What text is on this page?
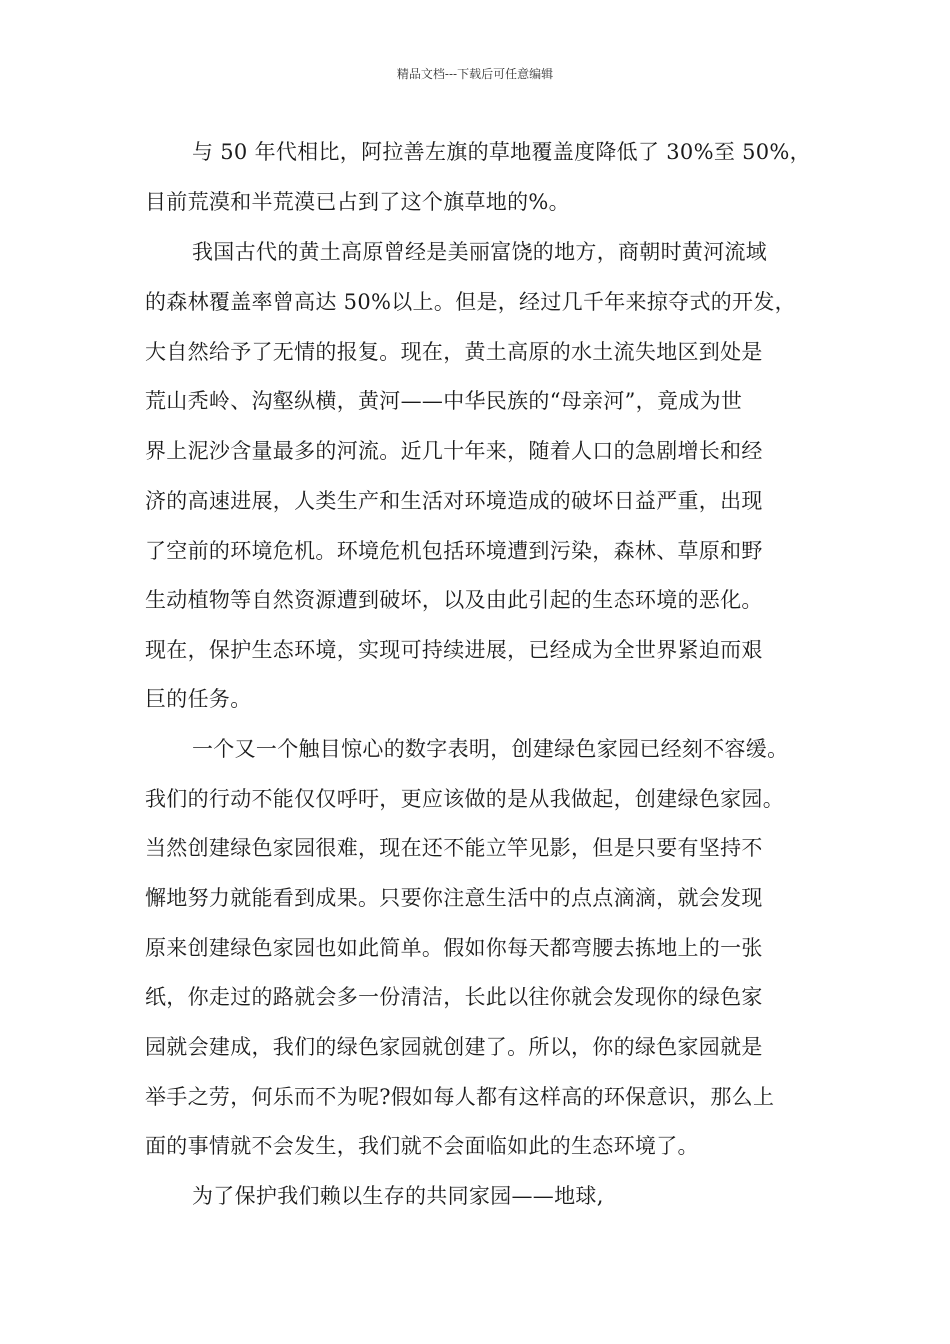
精品文档---下载后可任意编辑
与 50 年代相比，阿拉善左旗的草地覆盖度降低了 30%至 50%，
目前荒漠和半荒漠已占到了这个旗草地的%。
我国古代的黄土高原曾经是美丽富饶的地方，商朝时黄河流域
的森林覆盖率曾高达 50%以上。但是，经过几千年来掠夺式的开发，
大自然给予了无情的报复。现在，黄土高原的水土流失地区到处是
荒山秃岭、沟壑纵横，黄河——中华民族的“母亲河”，竟成为世
界上泥沙含量最多的河流。近几十年来，随着人口的急剧增长和经
济的高速进展，人类生产和生活对环境造成的破坏日益严重，出现
了空前的环境危机。环境危机包括环境遭到污染，森林、草原和野
生动植物等自然资源遭到破坏，以及由此引起的生态环境的恶化。
现在，保护生态环境，实现可持续进展，已经成为全世界紧迫而艰
巨的任务。
一个又一个触目惊心的数字表明，创建绿色家园已经刻不容缓。
我们的行动不能仅仅呼吁，更应该做的是从我做起，创建绿色家园。
当然创建绿色家园很难，现在还不能立竿见影，但是只要有坚持不
懈地努力就能看到成果。只要你注意生活中的点点滴滴，就会发现
原来创建绿色家园也如此简单。假如你每天都弯腰去拣地上的一张
纸，你走过的路就会多一份清洁，长此以往你就会发现你的绿色家
园就会建成，我们的绿色家园就创建了。所以，你的绿色家园就是
举手之劳，何乐而不为呢?假如每人都有这样高的环保意识，那么上
面的事情就不会发生，我们就不会面临如此的生态环境了。
为了保护我们赖以生存的共同家园——地球,
